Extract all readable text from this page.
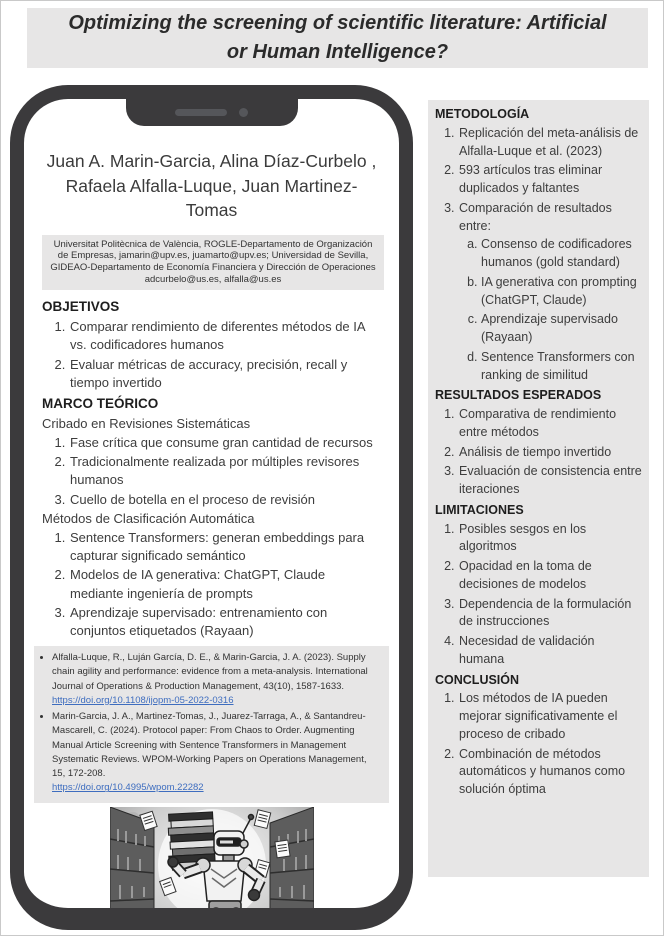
Optimizing the screening of scientific literature: Artificial or Human Intelligence?
Juan A. Marin-Garcia, Alina Díaz-Curbelo , Rafaela Alfalla-Luque, Juan Martinez-Tomas
Universitat Politècnica de València, ROGLE-Departamento de Organización de Empresas, jamarin@upv.es, juamarto@upv.es; Universidad de Sevilla, GIDEAO-Departamento de Economía Financiera y Dirección de Operaciones adcurbelo@us.es, alfalla@us.es
OBJETIVOS
1. Comparar rendimiento de diferentes métodos de IA vs. codificadores humanos
2. Evaluar métricas de accuracy, precisión, recall y tiempo invertido
MARCO TEÓRICO
Cribado en Revisiones Sistemáticas
1. Fase crítica que consume gran cantidad de recursos
2. Tradicionalmente realizada por múltiples revisores humanos
3. Cuello de botella en el proceso de revisión
Métodos de Clasificación Automática
1. Sentence Transformers: generan embeddings para capturar significado semántico
2. Modelos de IA generativa: ChatGPT, Claude mediante ingeniería de prompts
3. Aprendizaje supervisado: entrenamiento con conjuntos etiquetados (Rayaan)
• Alfalla-Luque, R., Luján García, D. E., & Marin-Garcia, J. A. (2023). Supply chain agility and performance: evidence from a meta-analysis. International Journal of Operations & Production Management, 43(10), 1587-1633.
https://doi.org/10.1108/ijopm-05-2022-0316
• Marin-Garcia, J. A., Martinez-Tomas, J., Juarez-Tarraga, A., & Santandreu-Mascarell, C. (2024). Protocol paper: From Chaos to Order. Augmenting Manual Article Screening with Sentence Transformers in Management Systematic Reviews. WPOM-Working Papers on Operations Management, 15, 172-208.
https://doi.org/10.4995/wpom.22282
METODOLOGÍA
1. Replicación del meta-análisis de Alfalla-Luque et al. (2023)
2. 593 artículos tras eliminar duplicados y faltantes
3. Comparación de resultados entre:
a. Consenso de codificadores humanos (gold standard)
b. IA generativa con prompting (ChatGPT, Claude)
c. Aprendizaje supervisado (Rayaan)
d. Sentence Transformers con ranking de similitud
RESULTADOS ESPERADOS
1. Comparativa de rendimiento entre métodos
2. Análisis de tiempo invertido
3. Evaluación de consistencia entre iteraciones
LIMITACIONES
1. Posibles sesgos en los algoritmos
2. Opacidad en la toma de decisiones de modelos
3. Dependencia de la formulación de instrucciones
4. Necesidad de validación humana
CONCLUSIÓN
1. Los métodos de IA pueden mejorar significativamente el proceso de cribado
2. Combinación de métodos automáticos y humanos como solución óptima
